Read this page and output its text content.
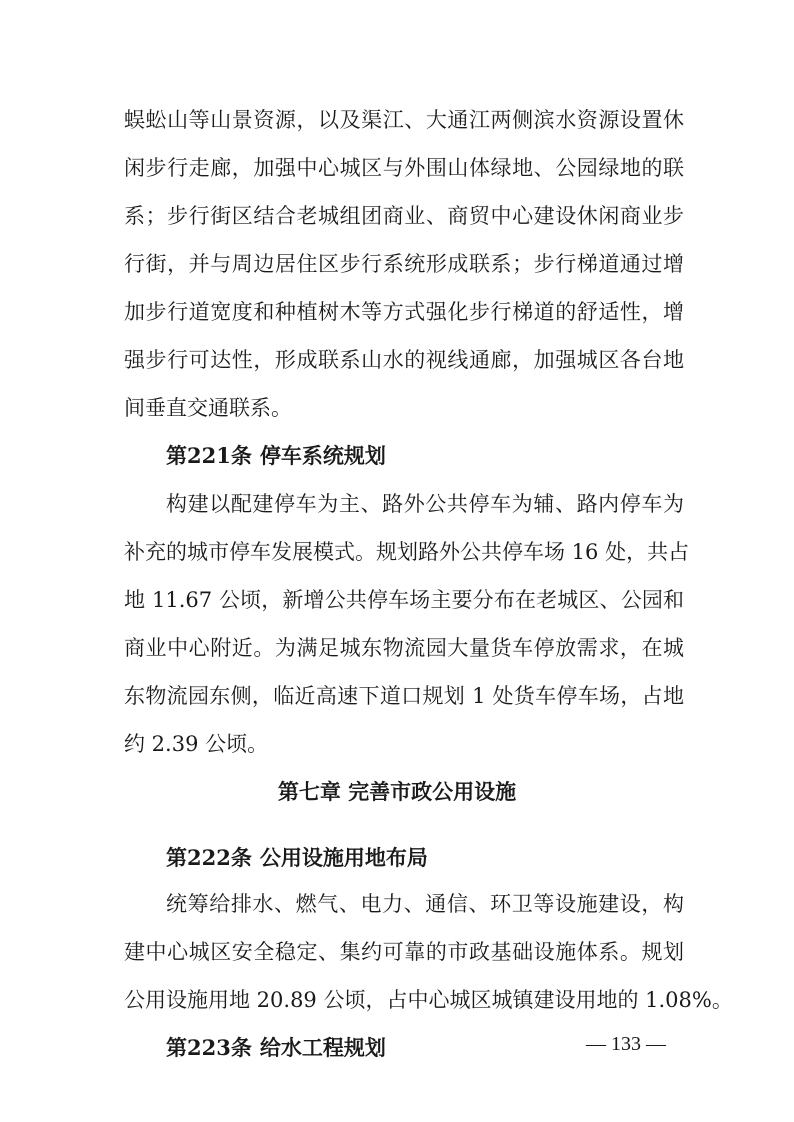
蜈蚣山等山景资源，以及渠江、大通江两侧滨水资源设置休
闲步行走廊，加强中心城区与外围山体绿地、公园绿地的联
系；步行街区结合老城组团商业、商贸中心建设休闲商业步
行街，并与周边居住区步行系统形成联系；步行梯道通过增
加步行道宽度和种植树木等方式强化步行梯道的舒适性，增
强步行可达性，形成联系山水的视线通廊，加强城区各台地
间垂直交通联系。
第221条 停车系统规划
构建以配建停车为主、路外公共停车为辅、路内停车为
补充的城市停车发展模式。规划路外公共停车场 16 处，共占
地 11.67 公顷，新增公共停车场主要分布在老城区、公园和
商业中心附近。为满足城东物流园大量货车停放需求，在城
东物流园东侧，临近高速下道口规划 1 处货车停车场，占地
约 2.39 公顷。
第七章 完善市政公用设施
第222条 公用设施用地布局
统筹给排水、燃气、电力、通信、环卫等设施建设，构
建中心城区安全稳定、集约可靠的市政基础设施体系。规划
公用设施用地 20.89 公顷，占中心城区城镇建设用地的 1.08%。
第223条 给水工程规划	— 133 —
